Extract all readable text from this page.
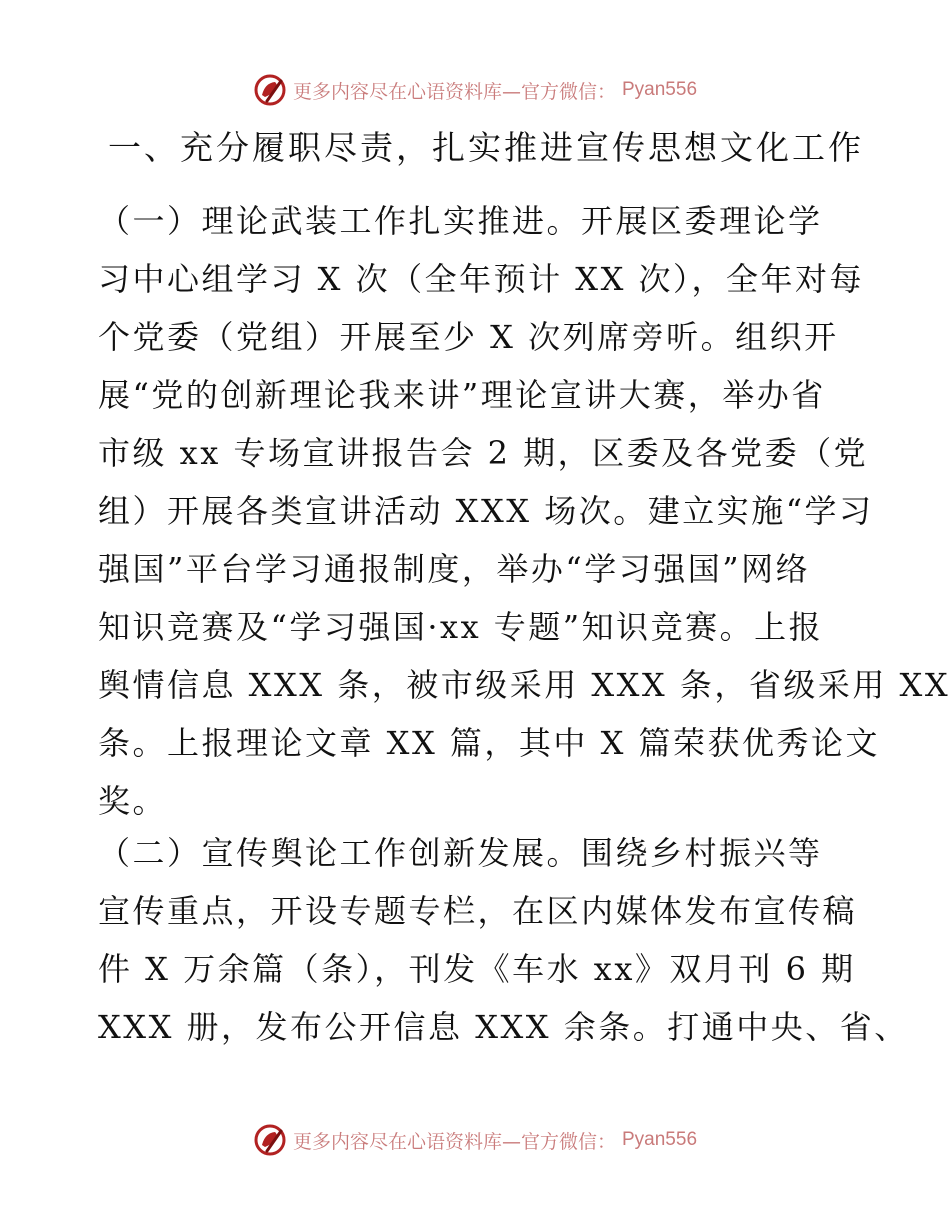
更多内容尽在心语资料库—官方微信： Pyan556
一、充分履职尽责，扎实推进宣传思想文化工作
（一）理论武装工作扎实推进。开展区委理论学
习中心组学习 X 次（全年预计 XX 次），全年对每
个党委（党组）开展至少 X 次列席旁听。组织开
展“党的创新理论我来讲”理论宣讲大赛，举办省
市级 xx 专场宣讲报告会 2 期，区委及各党委（党
组）开展各类宣讲活动 XXX 场次。建立实施“学习
强国”平台学习通报制度，举办“学习强国”网络
知识竞赛及“学习强国·xx 专题”知识竞赛。上报
舆情信息 XXX 条，被市级采用 XXX 条，省级采用 XX
条。上报理论文章 XX 篇，其中 X 篇荣获优秀论文
奖。
（二）宣传舆论工作创新发展。围绕乡村振兴等
宣传重点，开设专题专栏，在区内媒体发布宣传稿
件 X 万余篇（条），刊发《车水 xx》双月刊 6 期
XXX 册，发布公开信息 XXX 余条。打通中央、省、
更多内容尽在心语资料库—官方微信： Pyan556
